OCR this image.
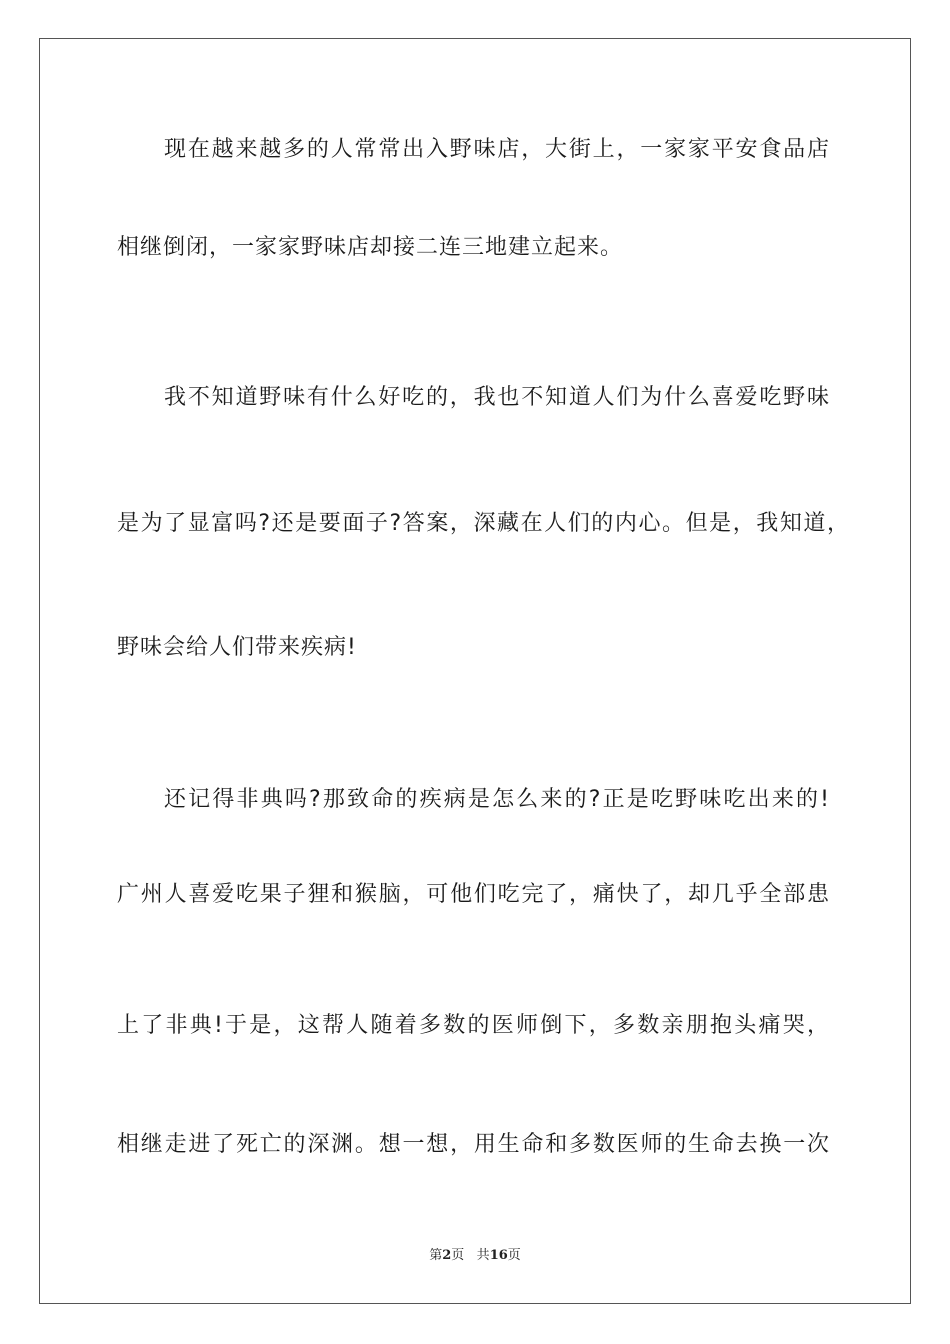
现在越来越多的人常常出入野味店，大街上，一家家平安食品店
相继倒闭，一家家野味店却接二连三地建立起来。
我不知道野味有什么好吃的，我也不知道人们为什么喜爱吃野味
是为了显富吗?还是要面子?答案，深藏在人们的内心。但是，我知道，
野味会给人们带来疾病!
还记得非典吗?那致命的疾病是怎么来的?正是吃野味吃出来的!
广州人喜爱吃果子狸和猴脑，可他们吃完了，痛快了，却几乎全部患
上了非典!于是，这帮人随着多数的医师倒下，多数亲朋抱头痛哭，
相继走进了死亡的深渊。想一想，用生命和多数医师的生命去换一次
第2页 共16页
